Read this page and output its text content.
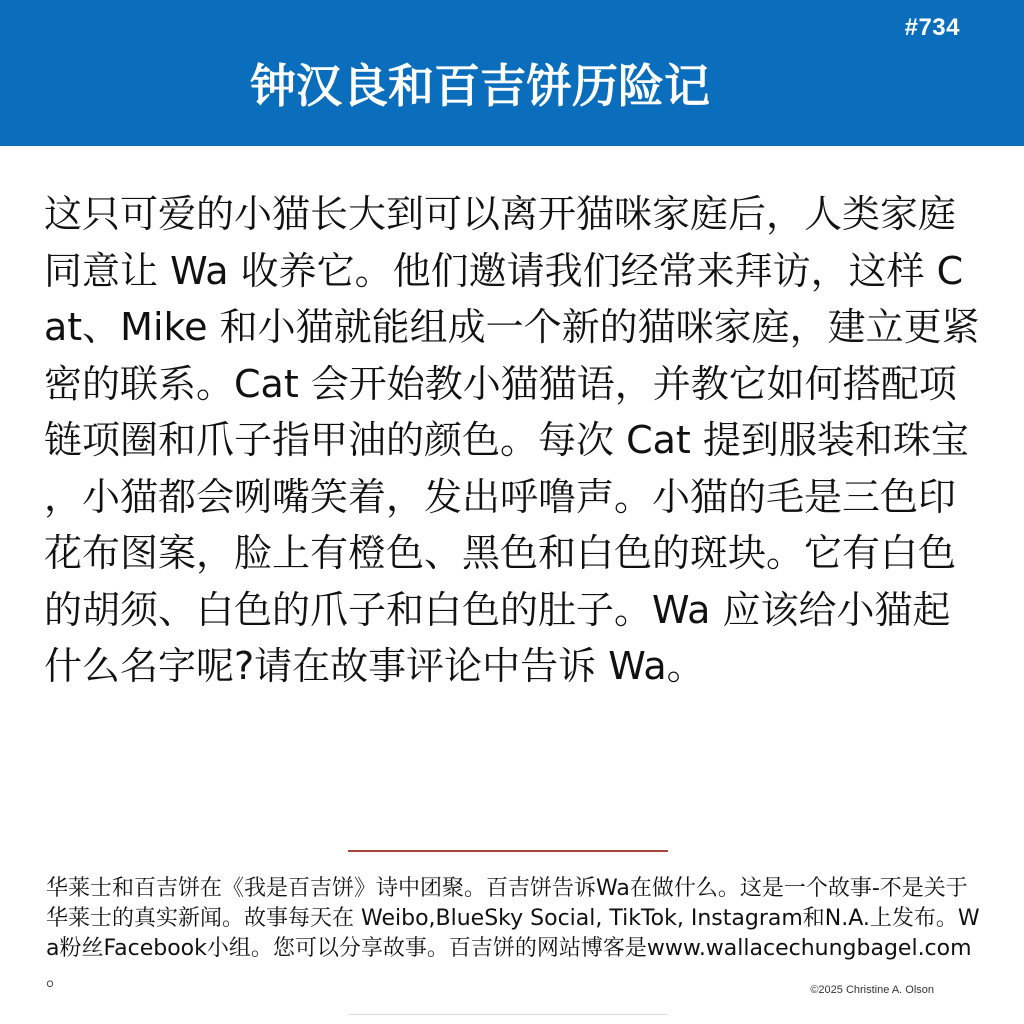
#734
钟汉良和百吉饼历险记

这只可爱的小猫长大到可以离开猫咪家庭后，人类家庭同意让 Wa 收养它。他们邀请我们经常来拜访，这样 Cat、Mike 和小猫就能组成一个新的猫咪家庭，建立更紧密的联系。Cat 会开始教小猫猫语，并教它如何搭配项链项圈和爪子指甲油的颜色。每次 Cat 提到服装和珠宝，小猫都会咧嘴笑着，发出呼噜声。小猫的毛是三色印花布图案，脸上有橙色、黑色和白色的斑块。它有白色的胡须、白色的爪子和白色的肚子。Wa 应该给小猫起什么名字呢?请在故事评论中告诉 Wa。

华莱士和百吉饼在《我是百吉饼》诗中团聚。百吉饼告诉Wa在做什么。这是一个故事-不是关于华莱士的真实新闻。故事每天在 Weibo,BlueSky Social, TikTok, Instagram和N.A.上发布。Wa粉丝Facebook小组。您可以分享故事。百吉饼的网站博客是www.wallacechungbagel.com。	©2025 Christine A. Olson
